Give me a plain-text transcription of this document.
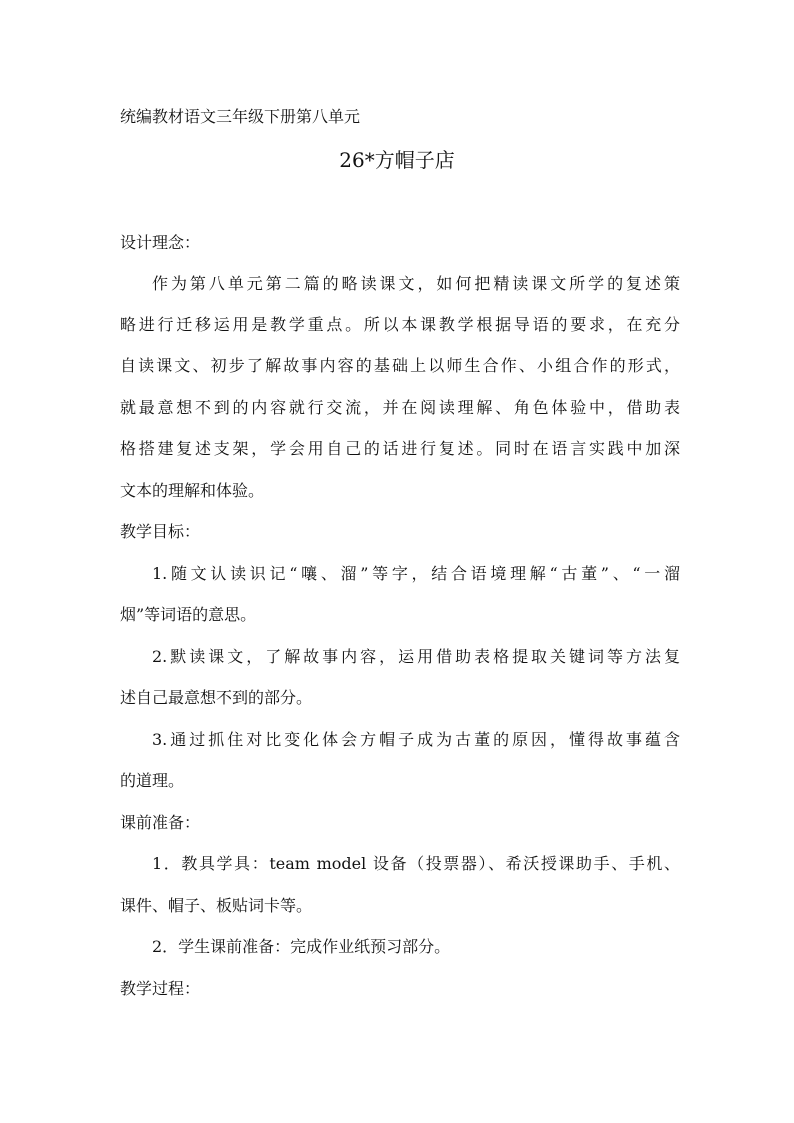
统编教材语文三年级下册第八单元
26*方帽子店
设计理念：
作为第八单元第二篇的略读课文，如何把精读课文所学的复述策
略进行迁移运用是教学重点。所以本课教学根据导语的要求，在充分
自读课文、初步了解故事内容的基础上以师生合作、小组合作的形式，
就最意想不到的内容就行交流，并在阅读理解、角色体验中，借助表
格搭建复述支架，学会用自己的话进行复述。同时在语言实践中加深
文本的理解和体验。
教学目标：
1.随文认读识记“嚷、溜”等字，结合语境理解“古董”、“一溜
烟”等词语的意思。
2.默读课文，了解故事内容，运用借助表格提取关键词等方法复
述自己最意想不到的部分。
3.通过抓住对比变化体会方帽子成为古董的原因，懂得故事蕴含
的道理。
课前准备：
1．教具学具：team model 设备（投票器）、希沃授课助手、手机、
课件、帽子、板贴词卡等。
2．学生课前准备：完成作业纸预习部分。
教学过程：
